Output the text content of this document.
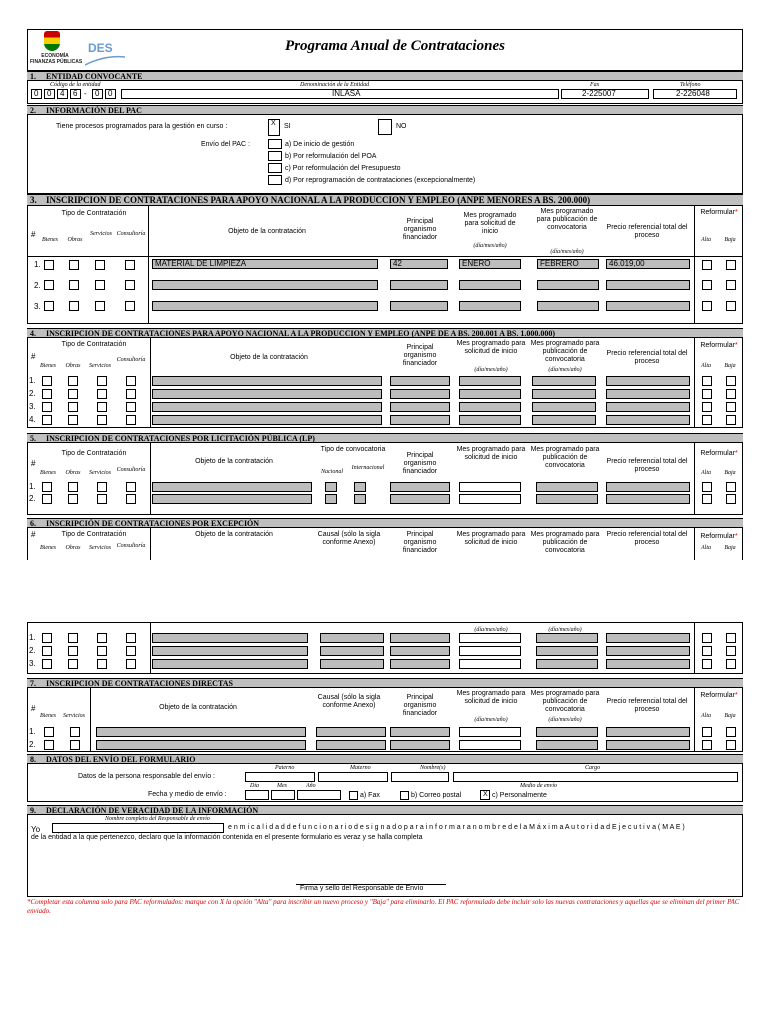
DES
ECONOMÍA
FINANZAS PÚBLICAS
Programa Anual de Contrataciones
1. ENTIDAD CONVOCANTE
Código de la entidad	Denominación de la Entidad	Fax	Teléfono
0	0	4	6 -	0	0	INLASA	2-225007	2-226048
2. INFORMACIÓN DEL PAC
Tiene procesos programados para la gestión en curso :	X	SI	NO
Envío del PAC :	a) De inicio de gestión
b) Por reformulación del POA
c) Por reformulación del Presupuesto
d) Por reprogramación de contrataciones (excepcionalmente)
3. INSCRIPCION DE CONTRATACIONES PARA APOYO NACIONAL A LA PRODUCCION Y EMPLEO (ANPE MENORES A BS. 200.000)
#
Tipo de Contratación
Bienes	Obras
Servicios Consultoría	Objeto de la contratación
Principal organismo financiador
Mes programado para solicitud de inicio
(día/mes/año)
Mes programado para publicación de convocatoria
(día/mes/año)
Precio referencial total del proceso
Reformular*
Alta	Baja
1.	MATERIAL DE LIMPIEZA	42	ENERO	FEBRERO	46.019,00
2.
3.
4. INSCRIPCION DE CONTRATACIONES PARA APOYO NACIONAL A LA PRODUCCION Y EMPLEO (ANPE DE A BS. 200.001 A BS. 1.000.000)
#
Tipo de Contratación
Bienes	Obras	Servicios
Consultoría	Objeto de la contratación
Principal organismo financiador
Mes programado para solicitud de inicio
(día/mes/año)
Mes programado para publicación de convocatoria
(día/mes/año)
Precio referencial total del proceso
Reformular*
Alta	Baja
1.
2.
3.
4.
5. INSCRIPCION DE CONTRATACIONES POR LICITACIÓN PÚBLICA (LP)
#
Tipo de Contratación
Bienes	Obras	Servicios Consultoría
Objeto de la contratación
Tipo de convocatoria
Nacional
Internacional
Principal organismo financiador
Mes programado para solicitud de inicio
Mes programado para publicación de convocatoria
Precio referencial total del proceso
Reformular*
Alta	Baja
1.
2.
6. INSCRIPCIÓN DE CONTRATACIONES POR EXCEPCIÓN
#	Tipo de Contratación
Bienes	Obras	Servicios Consultoría
Objeto de la contratación	Causal (sólo la sigla conforme Anexo)
Principal organismo financiador
Mes programado para solicitud de inicio
Mes programado para publicación de convocatoria
Precio referencial total del proceso
Reformular*
Alta	Baja
(día/mes/año)	(día/mes/año)
1.
2.
3.
7. INSCRIPCION DE CONTRATACIONES DIRECTAS
#
Bienes	Servicios
Objeto de la contratación
Causal (sólo la sigla conforme Anexo)
Principal organismo financiador
Mes programado para solicitud de inicio
(día/mes/año)
Mes programado para publicación de convocatoria
(día/mes/año)
Precio referencial total del proceso
Reformular*
Alta	Baja
1.
2.
8. DATOS DEL ENVÍO DEL FORMULARIO
Paterno	Materno	Nombre(s)	Cargo
Datos de la persona responsable del envío :
Día	Mes	Año	Medio de envío
Fecha y medio de envío :	a) Fax	b) Correo postal	X c) Personalmente
9. DECLARACIÓN DE VERACIDAD DE LA INFORMACIÓN
Nombre completo del Responsable de envío
Yo	e n m i c a l i d a d d e f u n c i o n a r i o d e s i g n a d o p a r a i n f o r m a r a n o m b r e d e l a M á x i m a A u t o r i d a d E j e c u t i v a ( M A E )
de la entidad a la que pertenezco, declaro que la información contenida en el presente formulario es veraz y se halla completa
Firma y sello del Responsable de Envío
*Completar esta columna solo para PAC reformulados: marque con X la opción "Alta" para inscribir un nuevo proceso y "Baja" para eliminarlo. El PAC reformulado debe incluir solo las nuevas contrataciones y aquellas que se eliminan del primer PAC enviado.
